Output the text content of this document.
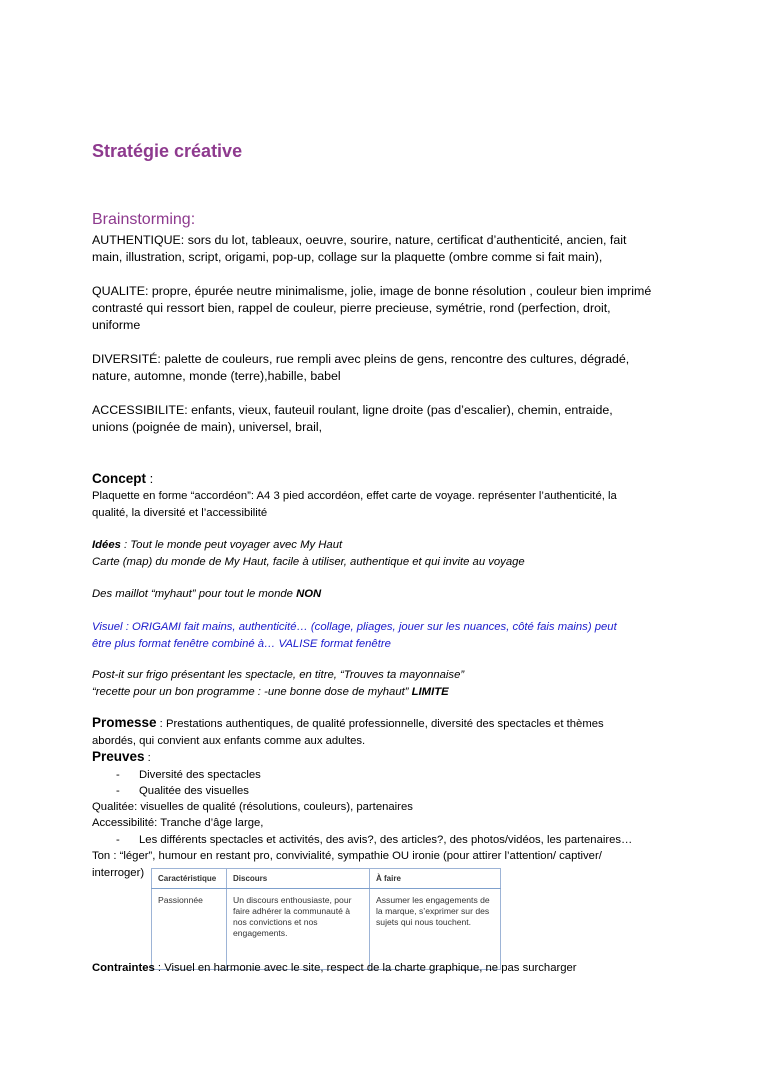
Stratégie créative
Brainstorming:
AUTHENTIQUE: sors du lot, tableaux, oeuvre, sourire, nature, certificat d’authenticité, ancien, fait
main, illustration, script, origami, pop-up, collage sur la plaquette (ombre comme si fait main),
QUALITE: propre, épurée neutre minimalisme, jolie, image de bonne résolution , couleur bien imprimé
contrasté qui ressort bien, rappel de couleur, pierre precieuse, symétrie, rond (perfection, droit,
uniforme
DIVERSITÉ: palette de couleurs, rue rempli avec pleins de gens, rencontre des cultures, dégradé,
nature, automne, monde (terre),habille, babel
ACCESSIBILITE: enfants, vieux, fauteuil roulant, ligne droite (pas d’escalier), chemin, entraide,
unions (poignée de main), universel, brail,
Concept :
Plaquette en forme “accordéon”: A4 3 pied accordéon, effet carte de voyage. représenter l’authenticité, la
qualité, la diversité et l’accessibilité
Idées : Tout le monde peut voyager avec My Haut
Carte (map) du monde de My Haut, facile à utiliser, authentique et qui invite au voyage
Des maillot “myhaut” pour tout le monde NON
Visuel : ORIGAMI fait mains, authenticité… (collage, pliages, jouer sur les nuances, côté fais mains) peut
être plus format fenêtre combiné à… VALISE format fenêtre
Post-it sur frigo présentant les spectacle, en titre, “Trouves ta mayonnaise”
“recette pour un bon programme : -une bonne dose de myhaut” LIMITE
Promesse : Prestations authentiques, de qualité professionnelle, diversité des spectacles et thèmes
abordés, qui convient aux enfants comme aux adultes.
Preuves :
- Diversité des spectacles
- Qualitée des visuelles
Qualitée: visuelles de qualité (résolutions, couleurs), partenaires
Accessibilité: Tranche d’âge large,
- Les différents spectacles et activités, des avis?, des articles?, des photos/vidéos, les partenaires…
Ton : “léger”, humour en restant pro, convivialité, sympathie OU ironie (pour attirer l’attention/ captiver/
interroger)	Caractéristique	Discours	À faire
Passionnée	Un discours enthousiaste, pour faire adhérer la communauté à nos convictions et nos engagements.	Assumer les engagements de la marque, s’exprimer sur des sujets qui nous touchent.
Contraintes : Visuel en harmonie avec le site, respect de la charte graphique, ne pas surcharger
